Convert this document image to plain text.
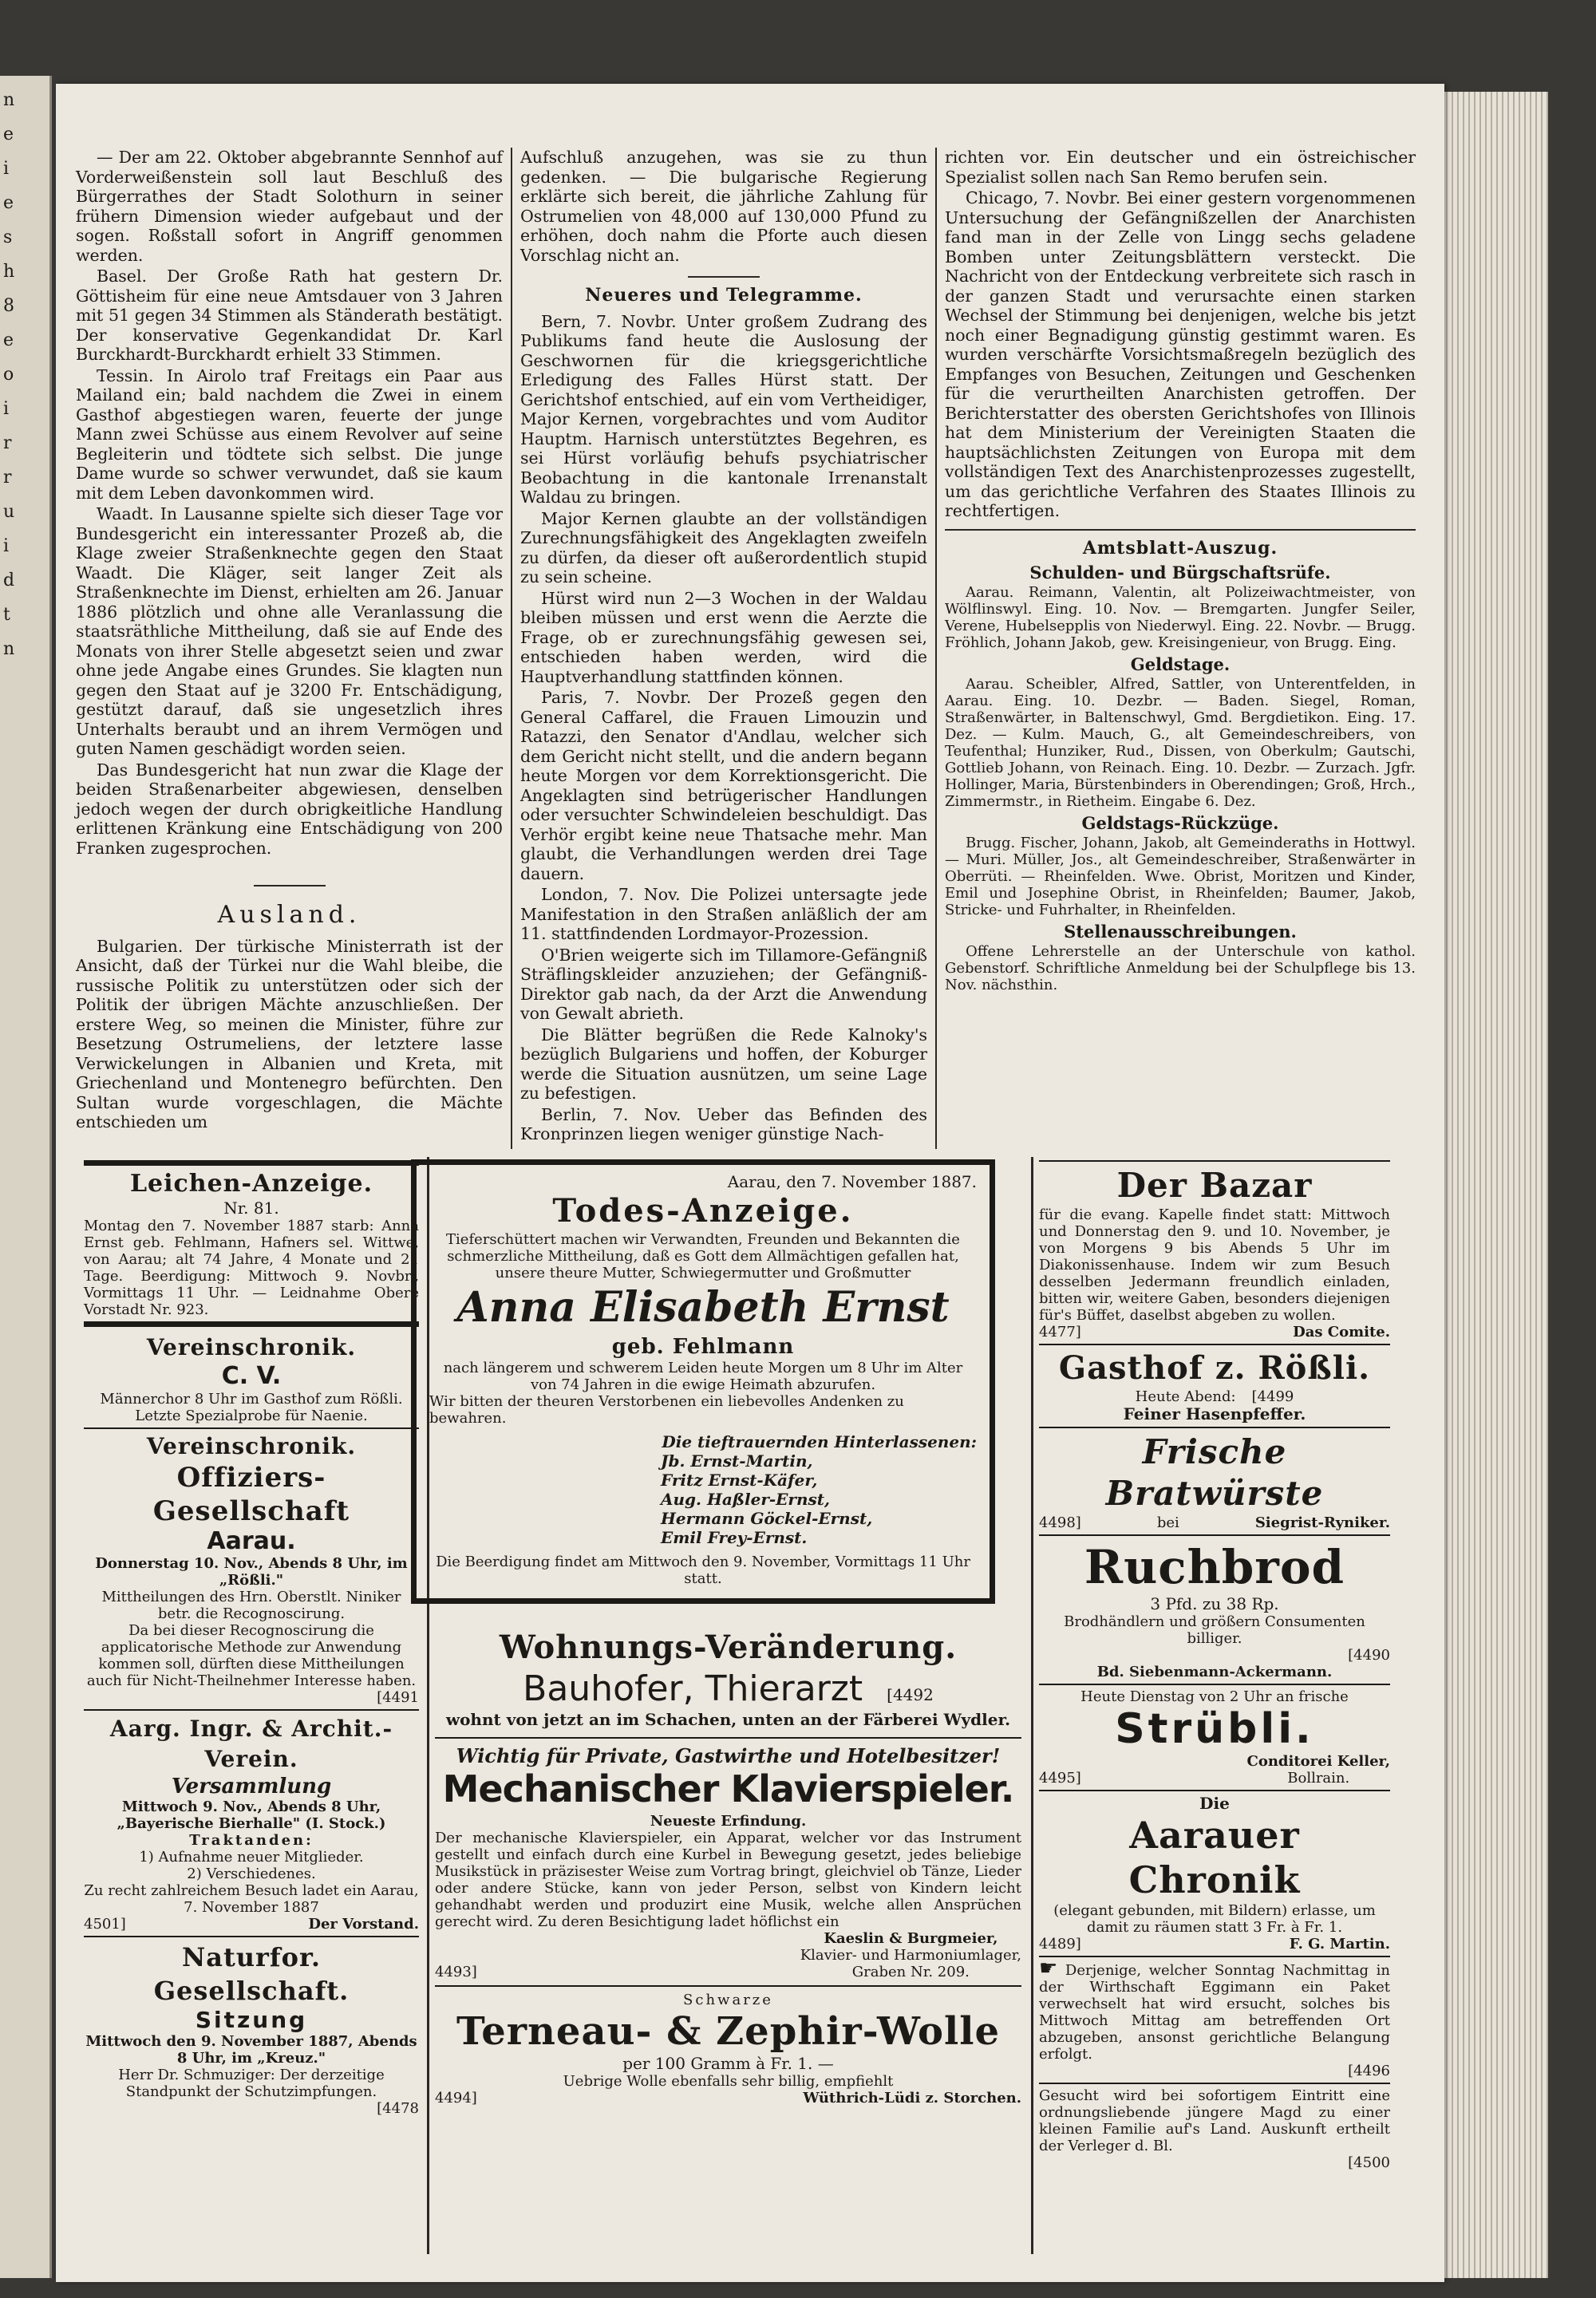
n
e
i
e
s
h
8
e
o
i
r
r
u
i
d
t
n

— Der am 22. Oktober abgebrannte Sennhof auf Vorderweißenstein soll laut Beschluß des Bürgerrathes der Stadt Solothurn in seiner frühern Dimension wieder aufgebaut und der sogen. Roßstall sofort in Angriff genommen werden.

Basel. Der Große Rath hat gestern Dr. Göttisheim für eine neue Amtsdauer von 3 Jahren mit 51 gegen 34 Stimmen als Ständerath bestätigt. Der konservative Gegenkandidat Dr. Karl Burckhardt-Burckhardt erhielt 33 Stimmen.

Tessin. In Airolo traf Freitags ein Paar aus Mailand ein; bald nachdem die Zwei in einem Gasthof abgestiegen waren, feuerte der junge Mann zwei Schüsse aus einem Revolver auf seine Begleiterin und tödtete sich selbst. Die junge Dame wurde so schwer verwundet, daß sie kaum mit dem Leben davonkommen wird.

Waadt. In Lausanne spielte sich dieser Tage vor Bundesgericht ein interessanter Prozeß ab, die Klage zweier Straßenknechte gegen den Staat Waadt. Die Kläger, seit langer Zeit als Straßenknechte im Dienst, erhielten am 26. Januar 1886 plötzlich und ohne alle Veranlassung die staatsräthliche Mittheilung, daß sie auf Ende des Monats von ihrer Stelle abgesetzt seien und zwar ohne jede Angabe eines Grundes. Sie klagten nun gegen den Staat auf je 3200 Fr. Entschädigung, gestützt darauf, daß sie ungesetzlich ihres Unterhalts beraubt und an ihrem Vermögen und guten Namen geschädigt worden seien.

Das Bundesgericht hat nun zwar die Klage der beiden Straßenarbeiter abgewiesen, denselben jedoch wegen der durch obrigkeitliche Handlung erlittenen Kränkung eine Entschädigung von 200 Franken zugesprochen.

Ausland.

Bulgarien. Der türkische Ministerrath ist der Ansicht, daß der Türkei nur die Wahl bleibe, die russische Politik zu unterstützen oder sich der Politik der übrigen Mächte anzuschließen. Der erstere Weg, so meinen die Minister, führe zur Besetzung Ostrumeliens, der letztere lasse Verwickelungen in Albanien und Kreta, mit Griechenland und Montenegro befürchten. Den Sultan wurde vorgeschlagen, die Mächte entschieden um

Aufschluß anzugehen, was sie zu thun gedenken. — Die bulgarische Regierung erklärte sich bereit, die jährliche Zahlung für Ostrumelien von 48,000 auf 130,000 Pfund zu erhöhen, doch nahm die Pforte auch diesen Vorschlag nicht an.

Neueres und Telegramme.

Bern, 7. Novbr. Unter großem Zudrang des Publikums fand heute die Auslosung der Geschwornen für die kriegsgerichtliche Erledigung des Falles Hürst statt. Der Gerichtshof entschied, auf ein vom Vertheidiger, Major Kernen, vorgebrachtes und vom Auditor Hauptm. Harnisch unterstütztes Begehren, es sei Hürst vorläufig behufs psychiatrischer Beobachtung in die kantonale Irrenanstalt Waldau zu bringen.

Major Kernen glaubte an der vollständigen Zurechnungsfähigkeit des Angeklagten zweifeln zu dürfen, da dieser oft außerordentlich stupid zu sein scheine.

Hürst wird nun 2—3 Wochen in der Waldau bleiben müssen und erst wenn die Aerzte die Frage, ob er zurechnungsfähig gewesen sei, entschieden haben werden, wird die Hauptverhandlung stattfinden können.

Paris, 7. Novbr. Der Prozeß gegen den General Caffarel, die Frauen Limouzin und Ratazzi, den Senator d'Andlau, welcher sich dem Gericht nicht stellt, und die andern begann heute Morgen vor dem Korrektionsgericht. Die Angeklagten sind betrügerischer Handlungen oder versuchter Schwindeleien beschuldigt. Das Verhör ergibt keine neue Thatsache mehr. Man glaubt, die Verhandlungen werden drei Tage dauern.

London, 7. Nov. Die Polizei untersagte jede Manifestation in den Straßen anläßlich der am 11. stattfindenden Lordmayor-Prozession.

O'Brien weigerte sich im Tillamore-Gefängniß Sträflingskleider anzuziehen; der Gefängniß-Direktor gab nach, da der Arzt die Anwendung von Gewalt abrieth.

Die Blätter begrüßen die Rede Kalnoky's bezüglich Bulgariens und hoffen, der Koburger werde die Situation ausnützen, um seine Lage zu befestigen.

Berlin, 7. Nov. Ueber das Befinden des Kronprinzen liegen weniger günstige Nach-

richten vor. Ein deutscher und ein östreichischer Spezialist sollen nach San Remo berufen sein.

Chicago, 7. Novbr. Bei einer gestern vorgenommenen Untersuchung der Gefängnißzellen der Anarchisten fand man in der Zelle von Lingg sechs geladene Bomben unter Zeitungsblättern versteckt. Die Nachricht von der Entdeckung verbreitete sich rasch in der ganzen Stadt und verursachte einen starken Wechsel der Stimmung bei denjenigen, welche bis jetzt noch einer Begnadigung günstig gestimmt waren. Es wurden verschärfte Vorsichtsmaßregeln bezüglich des Empfanges von Besuchen, Zeitungen und Geschenken für die verurtheilten Anarchisten getroffen. Der Berichterstatter des obersten Gerichtshofes von Illinois hat dem Ministerium der Vereinigten Staaten die hauptsächlichsten Zeitungen von Europa mit dem vollständigen Text des Anarchistenprozesses zugestellt, um das gerichtliche Verfahren des Staates Illinois zu rechtfertigen.

Amtsblatt-Auszug.
Schulden- und Bürgschaftsrüfe.

Aarau. Reimann, Valentin, alt Polizeiwachtmeister, von Wölflinswyl. Eing. 10. Nov. — Bremgarten. Jungfer Seiler, Verene, Hubelsepplis von Niederwyl. Eing. 22. Novbr. — Brugg. Fröhlich, Johann Jakob, gew. Kreisingenieur, von Brugg. Eing.

Geldstage.

Aarau. Scheibler, Alfred, Sattler, von Unterentfelden, in Aarau. Eing. 10. Dezbr. — Baden. Siegel, Roman, Straßenwärter, in Baltenschwyl, Gmd. Bergdietikon. Eing. 17. Dez. — Kulm. Mauch, G., alt Gemeindeschreibers, von Teufenthal; Hunziker, Rud., Dissen, von Oberkulm; Gautschi, Gottlieb Johann, von Reinach. Eing. 10. Dezbr. — Zurzach. Jgfr. Hollinger, Maria, Bürstenbinders in Oberendingen; Groß, Hrch., Zimmermstr., in Rietheim. Eingabe 6. Dez.

Geldstags-Rückzüge.

Brugg. Fischer, Johann, Jakob, alt Gemeinderaths in Hottwyl. — Muri. Müller, Jos., alt Gemeindeschreiber, Straßenwärter in Oberrüti. — Rheinfelden. Wwe. Obrist, Moritzen und Kinder, Emil und Josephine Obrist, in Rheinfelden; Baumer, Jakob, Stricke- und Fuhrhalter, in Rheinfelden.

Stellenausschreibungen.

Offene Lehrerstelle an der Unterschule von kathol. Gebenstorf. Schriftliche Anmeldung bei der Schulpflege bis 13. Nov. nächsthin.

Leichen-Anzeige.

Nr. 81.

Montag den 7. November 1887 starb: Anna Ernst geb. Fehlmann, Hafners sel. Wittwe, von Aarau; alt 74 Jahre, 4 Monate und 21 Tage. Beerdigung: Mittwoch 9. Novbr., Vormittags 11 Uhr. — Leidnahme Obere Vorstadt Nr. 923.

Vereinschronik.
C. V.

Männerchor 8 Uhr im Gasthof zum Rößli. Letzte Spezialprobe für Naenie.

Vereinschronik.
Offiziers-Gesellschaft
Aarau.

Donnerstag 10. Nov., Abends 8 Uhr, im „Rößli."

Mittheilungen des Hrn. Oberstlt. Niniker betr. die Recognoscirung.

Da bei dieser Recognoscirung die applicatorische Methode zur Anwendung kommen soll, dürften diese Mittheilungen auch für Nicht-Theilnehmer Interesse haben.

[4491

Aarg. Ingr. & Archit.-Verein.
Versammlung

Mittwoch 9. Nov., Abends 8 Uhr, „Bayerische Bierhalle" (I. Stock.)

Traktanden:

1) Aufnahme neuer Mitglieder.

2) Verschiedenes.

Zu recht zahlreichem Besuch ladet ein Aarau, 7. November 1887

4501]	Der Vorstand.
Naturfor. Gesellschaft.
Sitzung

Mittwoch den 9. November 1887, Abends 8 Uhr, im „Kreuz."

Herr Dr. Schmuziger: Der derzeitige Standpunkt der Schutzimpfungen.

[4478

Aarau, den 7. November 1887.

Todes-Anzeige.

Tieferschüttert machen wir Verwandten, Freunden und Bekannten die schmerzliche Mittheilung, daß es Gott dem Allmächtigen gefallen hat, unsere theure Mutter, Schwiegermutter und Großmutter

Anna Elisabeth Ernst
geb. Fehlmann

nach längerem und schwerem Leiden heute Morgen um 8 Uhr im Alter von 74 Jahren in die ewige Heimath abzurufen.

Wir bitten der theuren Verstorbenen ein liebevolles Andenken zu bewahren.

Die tieftrauernden Hinterlassenen:
Jb. Ernst-Martin,
Fritz Ernst-Käfer,
Aug. Haßler-Ernst,
Hermann Göckel-Ernst,
Emil Frey-Ernst.

Die Beerdigung findet am Mittwoch den 9. November, Vormittags 11 Uhr statt.

Wohnungs-Veränderung.
Bauhofer, Thierarzt [4492

wohnt von jetzt an im Schachen, unten an der Färberei Wydler.

Wichtig für Private, Gastwirthe und Hotelbesitzer!

Mechanischer Klavierspieler.

Neueste Erfindung.

Der mechanische Klavierspieler, ein Apparat, welcher vor das Instrument gestellt und einfach durch eine Kurbel in Bewegung gesetzt, jedes beliebige Musikstück in präzisester Weise zum Vortrag bringt, gleichviel ob Tänze, Lieder oder andere Stücke, kann von jeder Person, selbst von Kindern leicht gehandhabt werden und produzirt eine Musik, welche allen Ansprüchen gerecht wird. Zu deren Besichtigung ladet höflichst ein

4493]
Kaeslin & Burgmeier,
Klavier- und Harmoniumlager,
Graben Nr. 209.

Schwarze

Terneau- & Zephir-Wolle

per 100 Gramm à Fr. 1. —

Uebrige Wolle ebenfalls sehr billig, empfiehlt

4494]	Wüthrich-Lüdi z. Storchen.
Der Bazar

für die evang. Kapelle findet statt: Mittwoch und Donnerstag den 9. und 10. November, je von Morgens 9 bis Abends 5 Uhr im Diakonissenhause. Indem wir zum Besuch desselben Jedermann freundlich einladen, bitten wir, weitere Gaben, besonders diejenigen für's Büffet, daselbst abgeben zu wollen.

4477]	Das Comite.
Gasthof z. Rößli.
Heute Abend: [4499

Feiner Hasenpfeffer.

Frische Bratwürste
4498]	bei	Siegrist-Ryniker.
Ruchbrod

3 Pfd. zu 38 Rp.

Brodhändlern und größern Consumenten billiger.

[4490

Bd. Siebenmann-Ackermann.

Heute Dienstag von 2 Uhr an frische

Strübli.
4495]
Conditorei Keller,
Bollrain.

Die

Aarauer Chronik

(elegant gebunden, mit Bildern) erlasse, um damit zu räumen statt 3 Fr. à Fr. 1.

4489]	F. G. Martin.

☛ Derjenige, welcher Sonntag Nachmittag in der Wirthschaft Eggimann ein Paket verwechselt hat wird ersucht, solches bis Mittwoch Mittag am betreffenden Ort abzugeben, ansonst gerichtliche Belangung erfolgt.

[4496

Gesucht wird bei sofortigem Eintritt eine ordnungsliebende jüngere Magd zu einer kleinen Familie auf's Land. Auskunft ertheilt der Verleger d. Bl.

[4500
